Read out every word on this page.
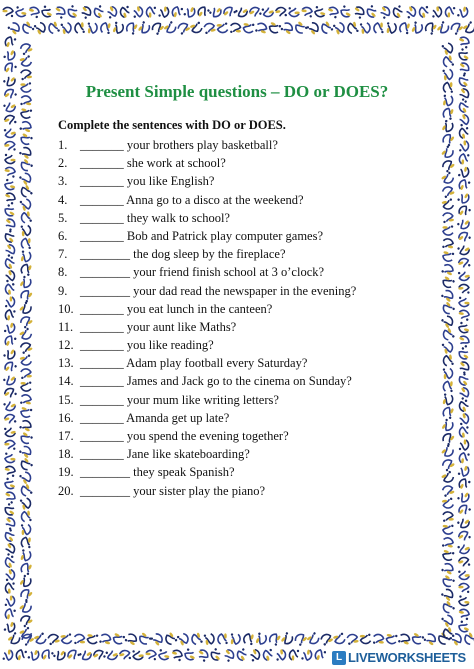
Present Simple questions – DO or DOES?
Complete the sentences with DO or DOES.
1. _______ your brothers play basketball?
2. _______ she work at school?
3. _______ you like English?
4. _______ Anna go to a disco at the weekend?
5. _______ they walk to school?
6. _______ Bob and Patrick play computer games?
7. ________ the dog sleep by the fireplace?
8. ________ your friend finish school at 3 o’clock?
9. ________ your dad read the newspaper in the evening?
10. _______ you eat lunch in the canteen?
11. _______ your aunt like Maths?
12. _______ you like reading?
13. _______ Adam play football every Saturday?
14. _______ James and Jack go to the cinema on Sunday?
15. _______ your mum like writing letters?
16. _______ Amanda get up late?
17. _______ you spend the evening together?
18. _______ Jane like skateboarding?
19. ________ they speak Spanish?
20. ________ your sister play the piano?
L LIVEWORKSHEETS
